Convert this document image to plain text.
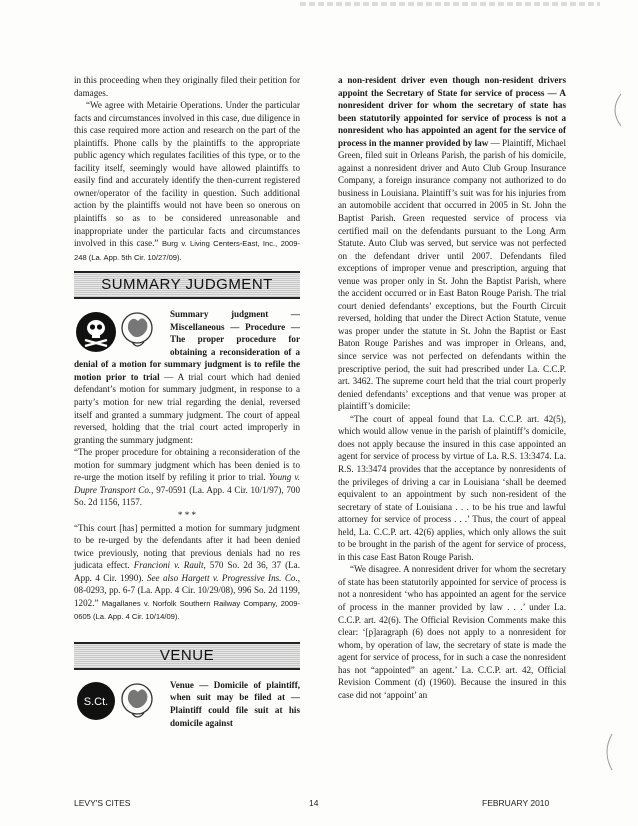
in this proceeding when they originally filed their petition for damages.

“We agree with Metairie Operations. Under the particular facts and circumstances involved in this case, due diligence in this case required more action and research on the part of the plaintiffs. Phone calls by the plaintiffs to the appropriate public agency which regulates facilities of this type, or to the facility itself, seemingly would have allowed plaintiffs to easily find and accurately identify the then-current registered owner/operator of the facility in question. Such additional action by the plaintiffs would not have been so onerous on plaintiffs so as to be considered unreasonable and inappropriate under the particular facts and circumstances involved in this case.” Burg v. Living Centers-East, Inc., 2009-248 (La. App. 5th Cir. 10/27/09).

SUMMARY JUDGMENT

Summary judgment — Miscellaneous — Procedure — The proper procedure for obtaining a reconsideration of a denial of a motion for summary judgment is to refile the motion prior to trial — A trial court which had denied defendant’s motion for summary judgment, in response to a party’s motion for new trial regarding the denial, reversed itself and granted a summary judgment. The court of appeal reversed, holding that the trial court acted improperly in granting the summary judgment:

“The proper procedure for obtaining a reconsideration of the motion for summary judgment which has been denied is to re-urge the motion itself by refiling it prior to trial. Young v. Dupre Transport Co., 97-0591 (La. App. 4 Cir. 10/1/97), 700 So. 2d 1156, 1157.

* * *

“This court [has] permitted a motion for summary judgment to be re-urged by the defendants after it had been denied twice previously, noting that previous denials had no res judicata effect. Francioni v. Rault, 570 So. 2d 36, 37 (La. App. 4 Cir. 1990). See also Hargett v. Progressive Ins. Co., 08-0293, pp. 6-7 (La. App. 4 Cir. 10/29/08), 996 So. 2d 1199, 1202.” Magallanes v. Norfolk Southern Railway Company, 2009-0605 (La. App. 4 Cir. 10/14/09).

VENUE

S.Ct.
Venue — Domicile of plaintiff, when suit may be filed at — Plaintiff could file suit at his domicile against

a non-resident driver even though non-resident drivers appoint the Secretary of State for service of process — A nonresident driver for whom the secretary of state has been statutorily appointed for service of process is not a nonresident who has appointed an agent for the service of process in the manner provided by law — Plaintiff, Michael Green, filed suit in Orleans Parish, the parish of his domicile, against a nonresident driver and Auto Club Group Insurance Company, a foreign insurance company not authorized to do business in Louisiana. Plaintiff’s suit was for his injuries from an automobile accident that occurred in 2005 in St. John the Baptist Parish. Green requested service of process via certified mail on the defendants pursuant to the Long Arm Statute. Auto Club was served, but service was not perfected on the defendant driver until 2007. Defendants filed exceptions of improper venue and prescription, arguing that venue was proper only in St. John the Baptist Parish, where the accident occurred or in East Baton Rouge Parish. The trial court denied defendants’ exceptions, but the Fourth Circuit reversed, holding that under the Direct Action Statute, venue was proper under the statute in St. John the Baptist or East Baton Rouge Parishes and was improper in Orleans, and, since service was not perfected on defendants within the prescriptive period, the suit had prescribed under La. C.C.P. art. 3462. The supreme court held that the trial court properly denied defendants’ exceptions and that venue was proper at plaintiff’s domicile:

“The court of appeal found that La. C.C.P. art. 42(5), which would allow venue in the parish of plaintiff’s domicile, does not apply because the insured in this case appointed an agent for service of process by virtue of La. R.S. 13:3474. La. R.S. 13:3474 provides that the acceptance by nonresidents of the privileges of driving a car in Louisiana ‘shall be deemed equivalent to an appointment by such non-resident of the secretary of state of Louisiana . . . to be his true and lawful attorney for service of process . . .’ Thus, the court of appeal held, La. C.C.P. art. 42(6) applies, which only allows the suit to be brought in the parish of the agent for service of process, in this case East Baton Rouge Parish.

“We disagree. A nonresident driver for whom the secretary of state has been statutorily appointed for service of process is not a nonresident ‘who has appointed an agent for the service of process in the manner provided by law . . .’ under La. C.C.P. art. 42(6). The Official Revision Comments make this clear: ‘[p]aragraph (6) does not apply to a nonresident for whom, by operation of law, the secretary of state is made the agent for service of process, for in such a case the nonresident has not “appointed” an agent.’ La. C.C.P. art. 42, Official Revision Comment (d) (1960). Because the insured in this case did not ‘appoint’ an

LEVY'S CITES	14	FEBRUARY 2010
